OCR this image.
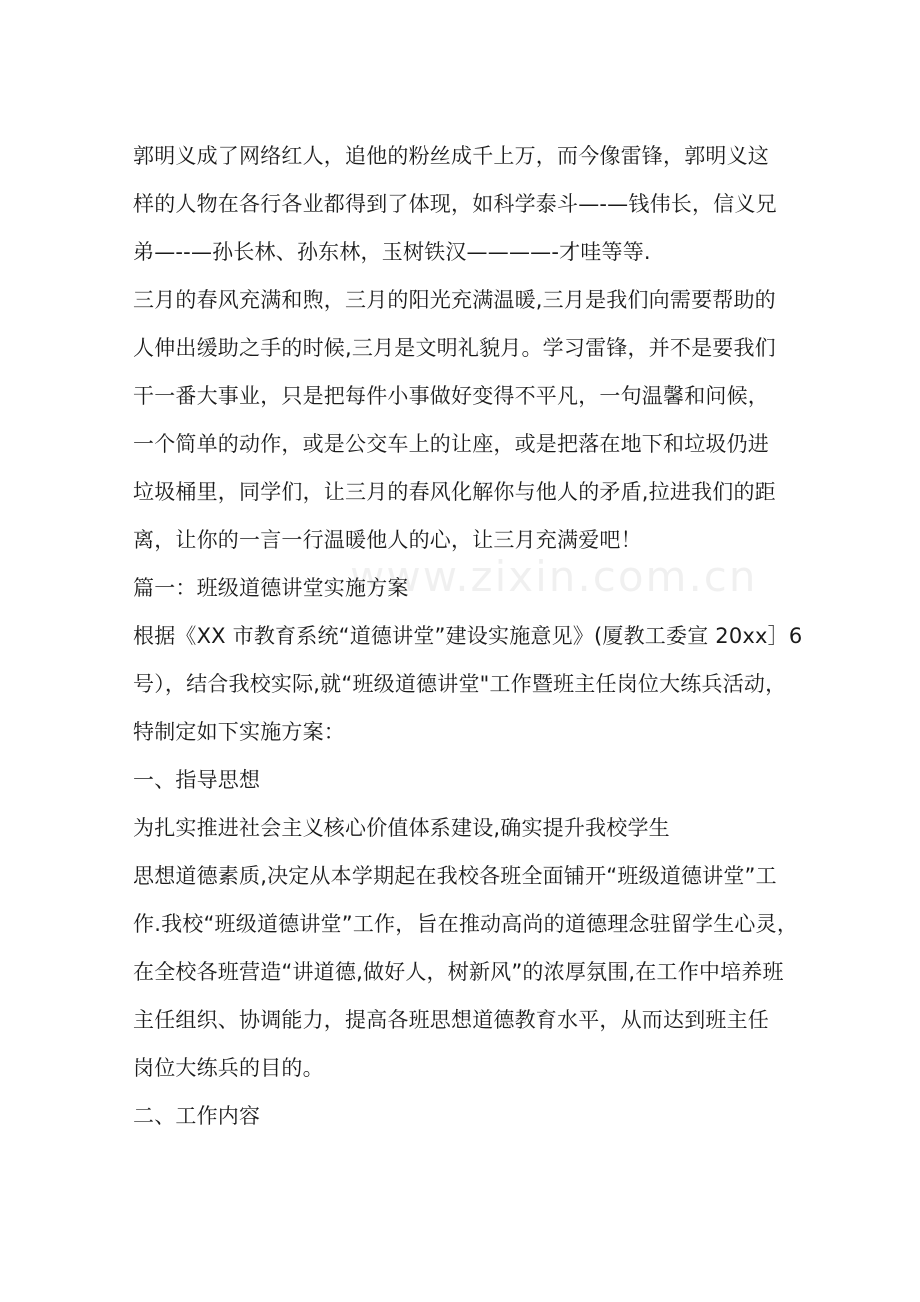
www.zixin.com.cn
郭明义成了网络红人，追他的粉丝成千上万，而今像雷锋，郭明义这
样的人物在各行各业都得到了体现，如科学泰斗—-—钱伟长，信义兄
弟—--—孙长林、孙东林，玉树铁汉————-才哇等等.
三月的春风充满和煦，三月的阳光充满温暖,三月是我们向需要帮助的
人伸出缓助之手的时候,三月是文明礼貌月。学习雷锋，并不是要我们
干一番大事业，只是把每件小事做好变得不平凡，一句温馨和问候，
一个简单的动作，或是公交车上的让座，或是把落在地下和垃圾仍进
垃圾桶里，同学们，让三月的春风化解你与他人的矛盾,拉进我们的距
离，让你的一言一行温暖他人的心，让三月充满爱吧！
篇一：班级道德讲堂实施方案
根据《XX 市教育系统“道德讲堂”建设实施意见》(厦教工委宣 20xx］6
号），结合我校实际,就“班级道德讲堂"工作暨班主任岗位大练兵活动，
特制定如下实施方案：
一、指导思想
为扎实推进社会主义核心价值体系建设,确实提升我校学生
思想道德素质,决定从本学期起在我校各班全面铺开“班级道德讲堂”工
作.我校“班级道德讲堂”工作，旨在推动高尚的道德理念驻留学生心灵，
在全校各班营造“讲道德,做好人，树新风”的浓厚氛围,在工作中培养班
主任组织、协调能力，提高各班思想道德教育水平，从而达到班主任
岗位大练兵的目的。
二、工作内容
